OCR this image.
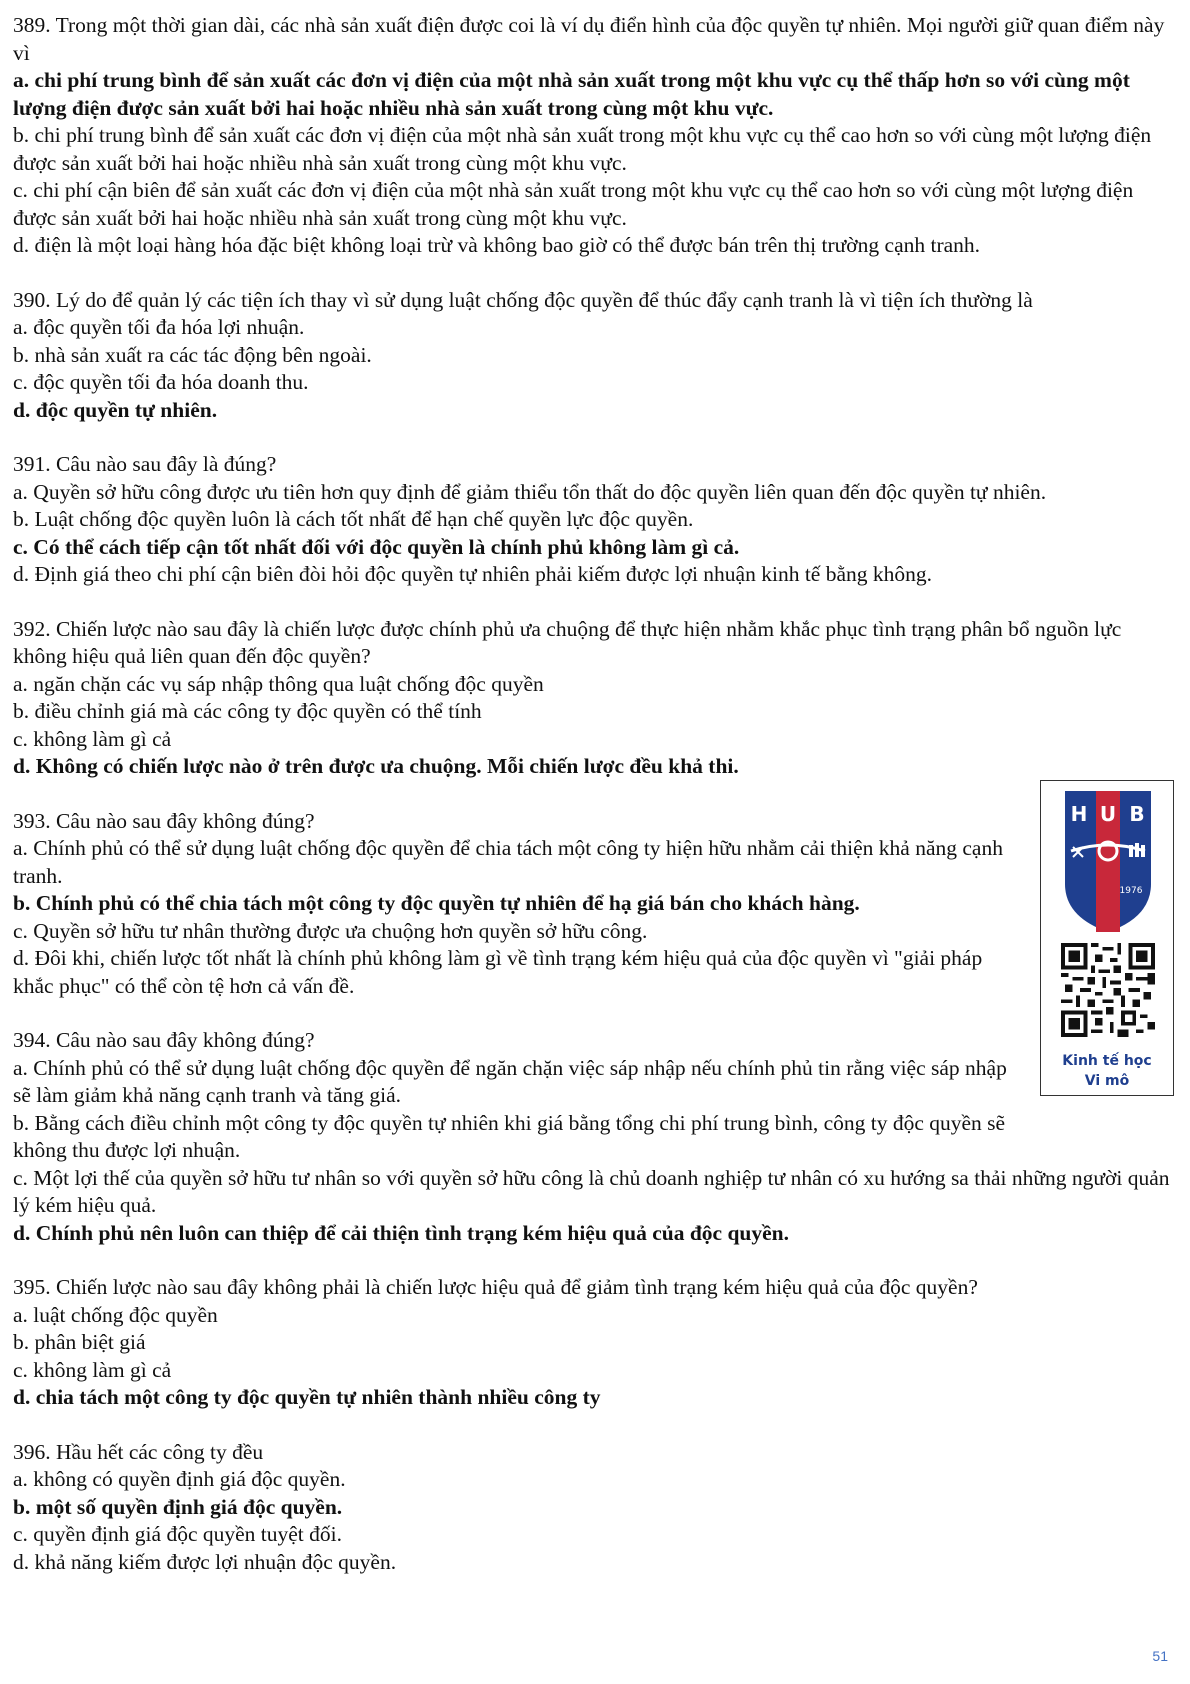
389. Trong một thời gian dài, các nhà sản xuất điện được coi là ví dụ điển hình của độc quyền tự nhiên. Mọi người giữ quan điểm này vì
a. chi phí trung bình để sản xuất các đơn vị điện của một nhà sản xuất trong một khu vực cụ thể thấp hơn so với cùng một lượng điện được sản xuất bởi hai hoặc nhiều nhà sản xuất trong cùng một khu vực.
b. chi phí trung bình để sản xuất các đơn vị điện của một nhà sản xuất trong một khu vực cụ thể cao hơn so với cùng một lượng điện được sản xuất bởi hai hoặc nhiều nhà sản xuất trong cùng một khu vực.
c. chi phí cận biên để sản xuất các đơn vị điện của một nhà sản xuất trong một khu vực cụ thể cao hơn so với cùng một lượng điện được sản xuất bởi hai hoặc nhiều nhà sản xuất trong cùng một khu vực.
d. điện là một loại hàng hóa đặc biệt không loại trừ và không bao giờ có thể được bán trên thị trường cạnh tranh.
390. Lý do để quản lý các tiện ích thay vì sử dụng luật chống độc quyền để thúc đẩy cạnh tranh là vì tiện ích thường là
a. độc quyền tối đa hóa lợi nhuận.
b. nhà sản xuất ra các tác động bên ngoài.
c. độc quyền tối đa hóa doanh thu.
d. độc quyền tự nhiên.
391. Câu nào sau đây là đúng?
a. Quyền sở hữu công được ưu tiên hơn quy định để giảm thiểu tổn thất do độc quyền liên quan đến độc quyền tự nhiên.
b. Luật chống độc quyền luôn là cách tốt nhất để hạn chế quyền lực độc quyền.
c. Có thể cách tiếp cận tốt nhất đối với độc quyền là chính phủ không làm gì cả.
d. Định giá theo chi phí cận biên đòi hỏi độc quyền tự nhiên phải kiếm được lợi nhuận kinh tế bằng không.
392. Chiến lược nào sau đây là chiến lược được chính phủ ưa chuộng để thực hiện nhằm khắc phục tình trạng phân bổ nguồn lực không hiệu quả liên quan đến độc quyền?
a. ngăn chặn các vụ sáp nhập thông qua luật chống độc quyền
b. điều chỉnh giá mà các công ty độc quyền có thể tính
c. không làm gì cả
d. Không có chiến lược nào ở trên được ưa chuộng. Mỗi chiến lược đều khả thi.
393. Câu nào sau đây không đúng?
a. Chính phủ có thể sử dụng luật chống độc quyền để chia tách một công ty hiện hữu nhằm cải thiện khả năng cạnh tranh.
b. Chính phủ có thể chia tách một công ty độc quyền tự nhiên để hạ giá bán cho khách hàng.
c. Quyền sở hữu tư nhân thường được ưa chuộng hơn quyền sở hữu công.
d. Đôi khi, chiến lược tốt nhất là chính phủ không làm gì về tình trạng kém hiệu quả của độc quyền vì "giải pháp khắc phục" có thể còn tệ hơn cả vấn đề.
394. Câu nào sau đây không đúng?
a. Chính phủ có thể sử dụng luật chống độc quyền để ngăn chặn việc sáp nhập nếu chính phủ tin rằng việc sáp nhập sẽ làm giảm khả năng cạnh tranh và tăng giá.
b. Bằng cách điều chỉnh một công ty độc quyền tự nhiên khi giá bằng tổng chi phí trung bình, công ty độc quyền sẽ không thu được lợi nhuận.
c. Một lợi thế của quyền sở hữu tư nhân so với quyền sở hữu công là chủ doanh nghiệp tư nhân có xu hướng sa thải những người quản lý kém hiệu quả.
d. Chính phủ nên luôn can thiệp để cải thiện tình trạng kém hiệu quả của độc quyền.
395. Chiến lược nào sau đây không phải là chiến lược hiệu quả để giảm tình trạng kém hiệu quả của độc quyền?
a. luật chống độc quyền
b. phân biệt giá
c. không làm gì cả
d. chia tách một công ty độc quyền tự nhiên thành nhiều công ty
396. Hầu hết các công ty đều
a. không có quyền định giá độc quyền.
b. một số quyền định giá độc quyền.
c. quyền định giá độc quyền tuyệt đối.
d. khả năng kiếm được lợi nhuận độc quyền.
H U B
1976
Kinh tế học
Vi mô
51
